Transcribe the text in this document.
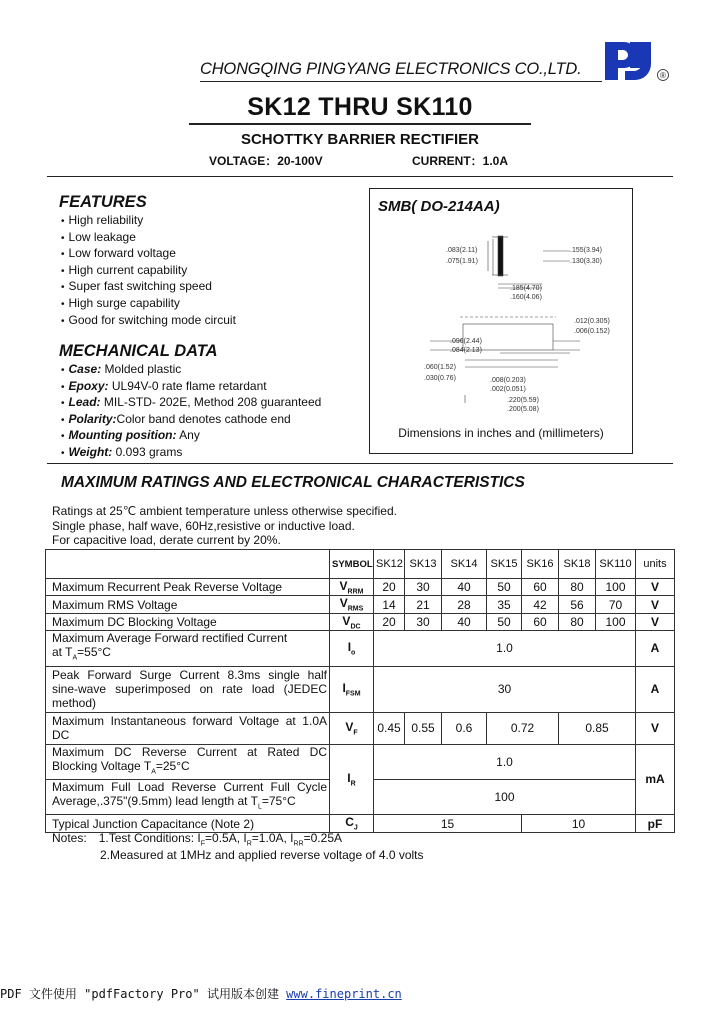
CHONGQING PINGYANG ELECTRONICS CO.,LTD.	®
SK12 THRU SK110
SCHOTTKY BARRIER RECTIFIER
VOLTAGE：20-100V	CURRENT：1.0A
FEATURES
• High reliability
• Low leakage
• Low forward voltage
• High current capability
• Super fast switching speed
• High surge capability
• Good for switching mode circuit
MECHANICAL DATA
• Case: Molded plastic
• Epoxy: UL94V-0 rate flame retardant
• Lead: MIL-STD- 202E, Method 208 guaranteed
• Polarity:Color band denotes cathode end
• Mounting position: Any
• Weight: 0.093 grams
SMB( DO-214AA)
.083(2.11)
.075(1.91)
.155(3.94)
.130(3.30)
.185(4.70)
.160(4.06)
.012(0.305)
.006(0.152)
.096(2.44)
.084(2.13)
.060(1.52)
.030(0.76)	.008(0.203)
.002(0.051)
.220(5.59)
.200(5.08)
Dimensions in inches and (millimeters)
MAXIMUM RATINGS AND ELECTRONICAL CHARACTERISTICS
Ratings at 25℃ ambient temperature unless otherwise specified.
Single phase, half wave, 60Hz,resistive or inductive load.
For capacitive load, derate current by 20%.
	SYMBOL	SK12	SK13	SK14	SK15	SK16	SK18	SK110	units
Maximum Recurrent Peak Reverse Voltage	$V_{RRM}$	20	30	40	50	60	80	100	V
Maximum RMS Voltage	$V_{RMS}$	14	21	28	35	42	56	70	V
Maximum DC Blocking Voltage	$V_{DC}$	20	30	40	50	60	80	100	V
Maximum Average Forward rectified Current
at $T_A=55^\circ C$	$I_o$	1.0							A
Peak Forward Surge Current 8.3ms single half sine-wave superimposed on rate load (JEDEC method)	$I_{FSM}$	30							A
Maximum Instantaneous forward Voltage at 1.0A DC	$V_F$	0.45	0.55	0.6	0.72		0.85		V
Maximum DC Reverse Current at Rated DC Blocking Voltage $T_A=25^\circ C$	$I_R$	1.0							mA
Maximum Full Load Reverse Current Full Cycle Average,.375"(9.5mm) lead length at $T_L=75^\circ C$		100							
Typical Junction Capacitance (Note 2)	$C_J$	15				10			pF
Notes: 1.Test Conditions: $I_F=0.5A$, $I_R=1.0A$, $I_{RR}=0.25A$
2.Measured at 1MHz and applied reverse voltage of 4.0 volts
PDF 文件使用 "pdfFactory Pro" 试用版本创建 www.fineprint.cn
